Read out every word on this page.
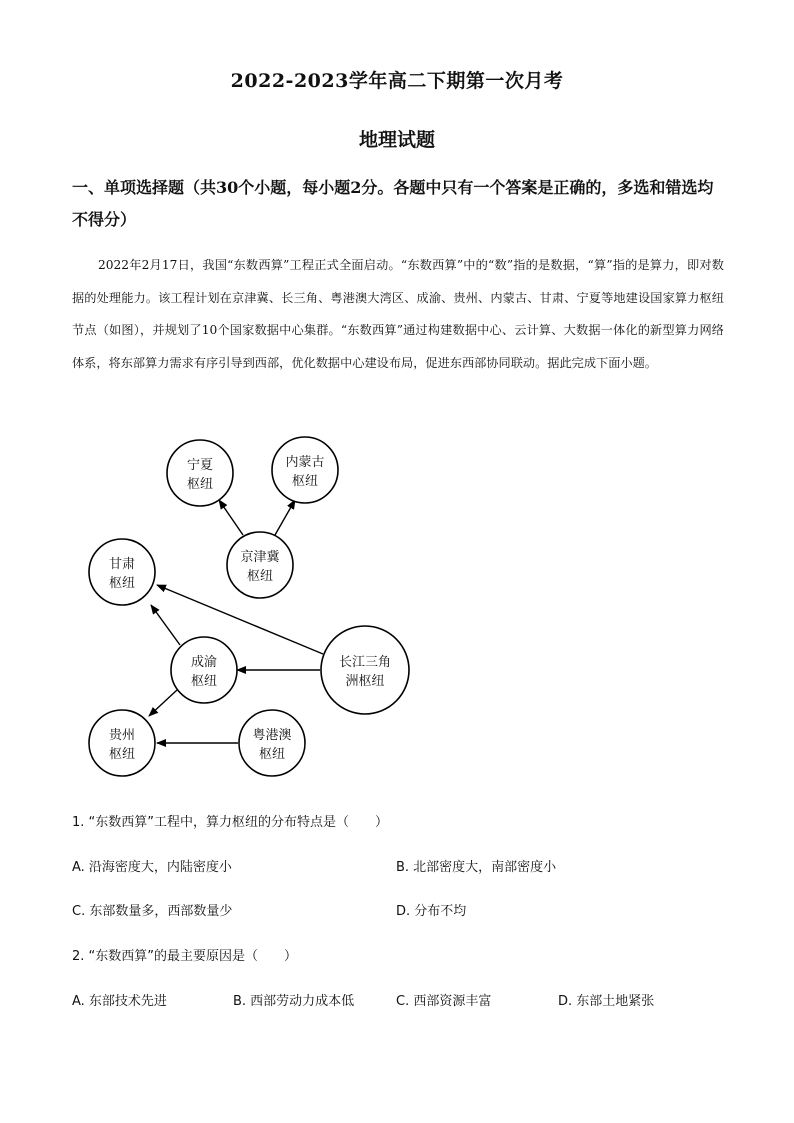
2022-2023学年高二下期第一次月考
地理试题
一、单项选择题（共30个小题，每小题2分。各题中只有一个答案是正确的，多选和错选均不得分）
2022年2月17日，我国“东数西算”工程正式全面启动。“东数西算”中的“数”指的是数据，“算”指的是算力，即对数据的处理能力。该工程计划在京津冀、长三角、粤港澳大湾区、成渝、贵州、内蒙古、甘肃、宁夏等地建设国家算力枢纽节点（如图），并规划了10个国家数据中心集群。“东数西算”通过构建数据中心、云计算、大数据一体化的新型算力网络体系，将东部算力需求有序引导到西部，优化数据中心建设布局，促进东西部协同联动。据此完成下面小题。
宁夏
枢纽
内蒙古
枢纽
京津冀
枢纽
甘肃
枢纽
成渝
枢纽
长江三角
洲枢纽
贵州
枢纽
粤港澳
枢纽
1. “东数西算”工程中，算力枢纽的分布特点是（　　）
A. 沿海密度大，内陆密度小	B. 北部密度大，南部密度小
C. 东部数量多，西部数量少	D. 分布不均
2. “东数西算”的最主要原因是（　　）
A. 东部技术先进	B. 西部劳动力成本低	C. 西部资源丰富	D. 东部土地紧张
